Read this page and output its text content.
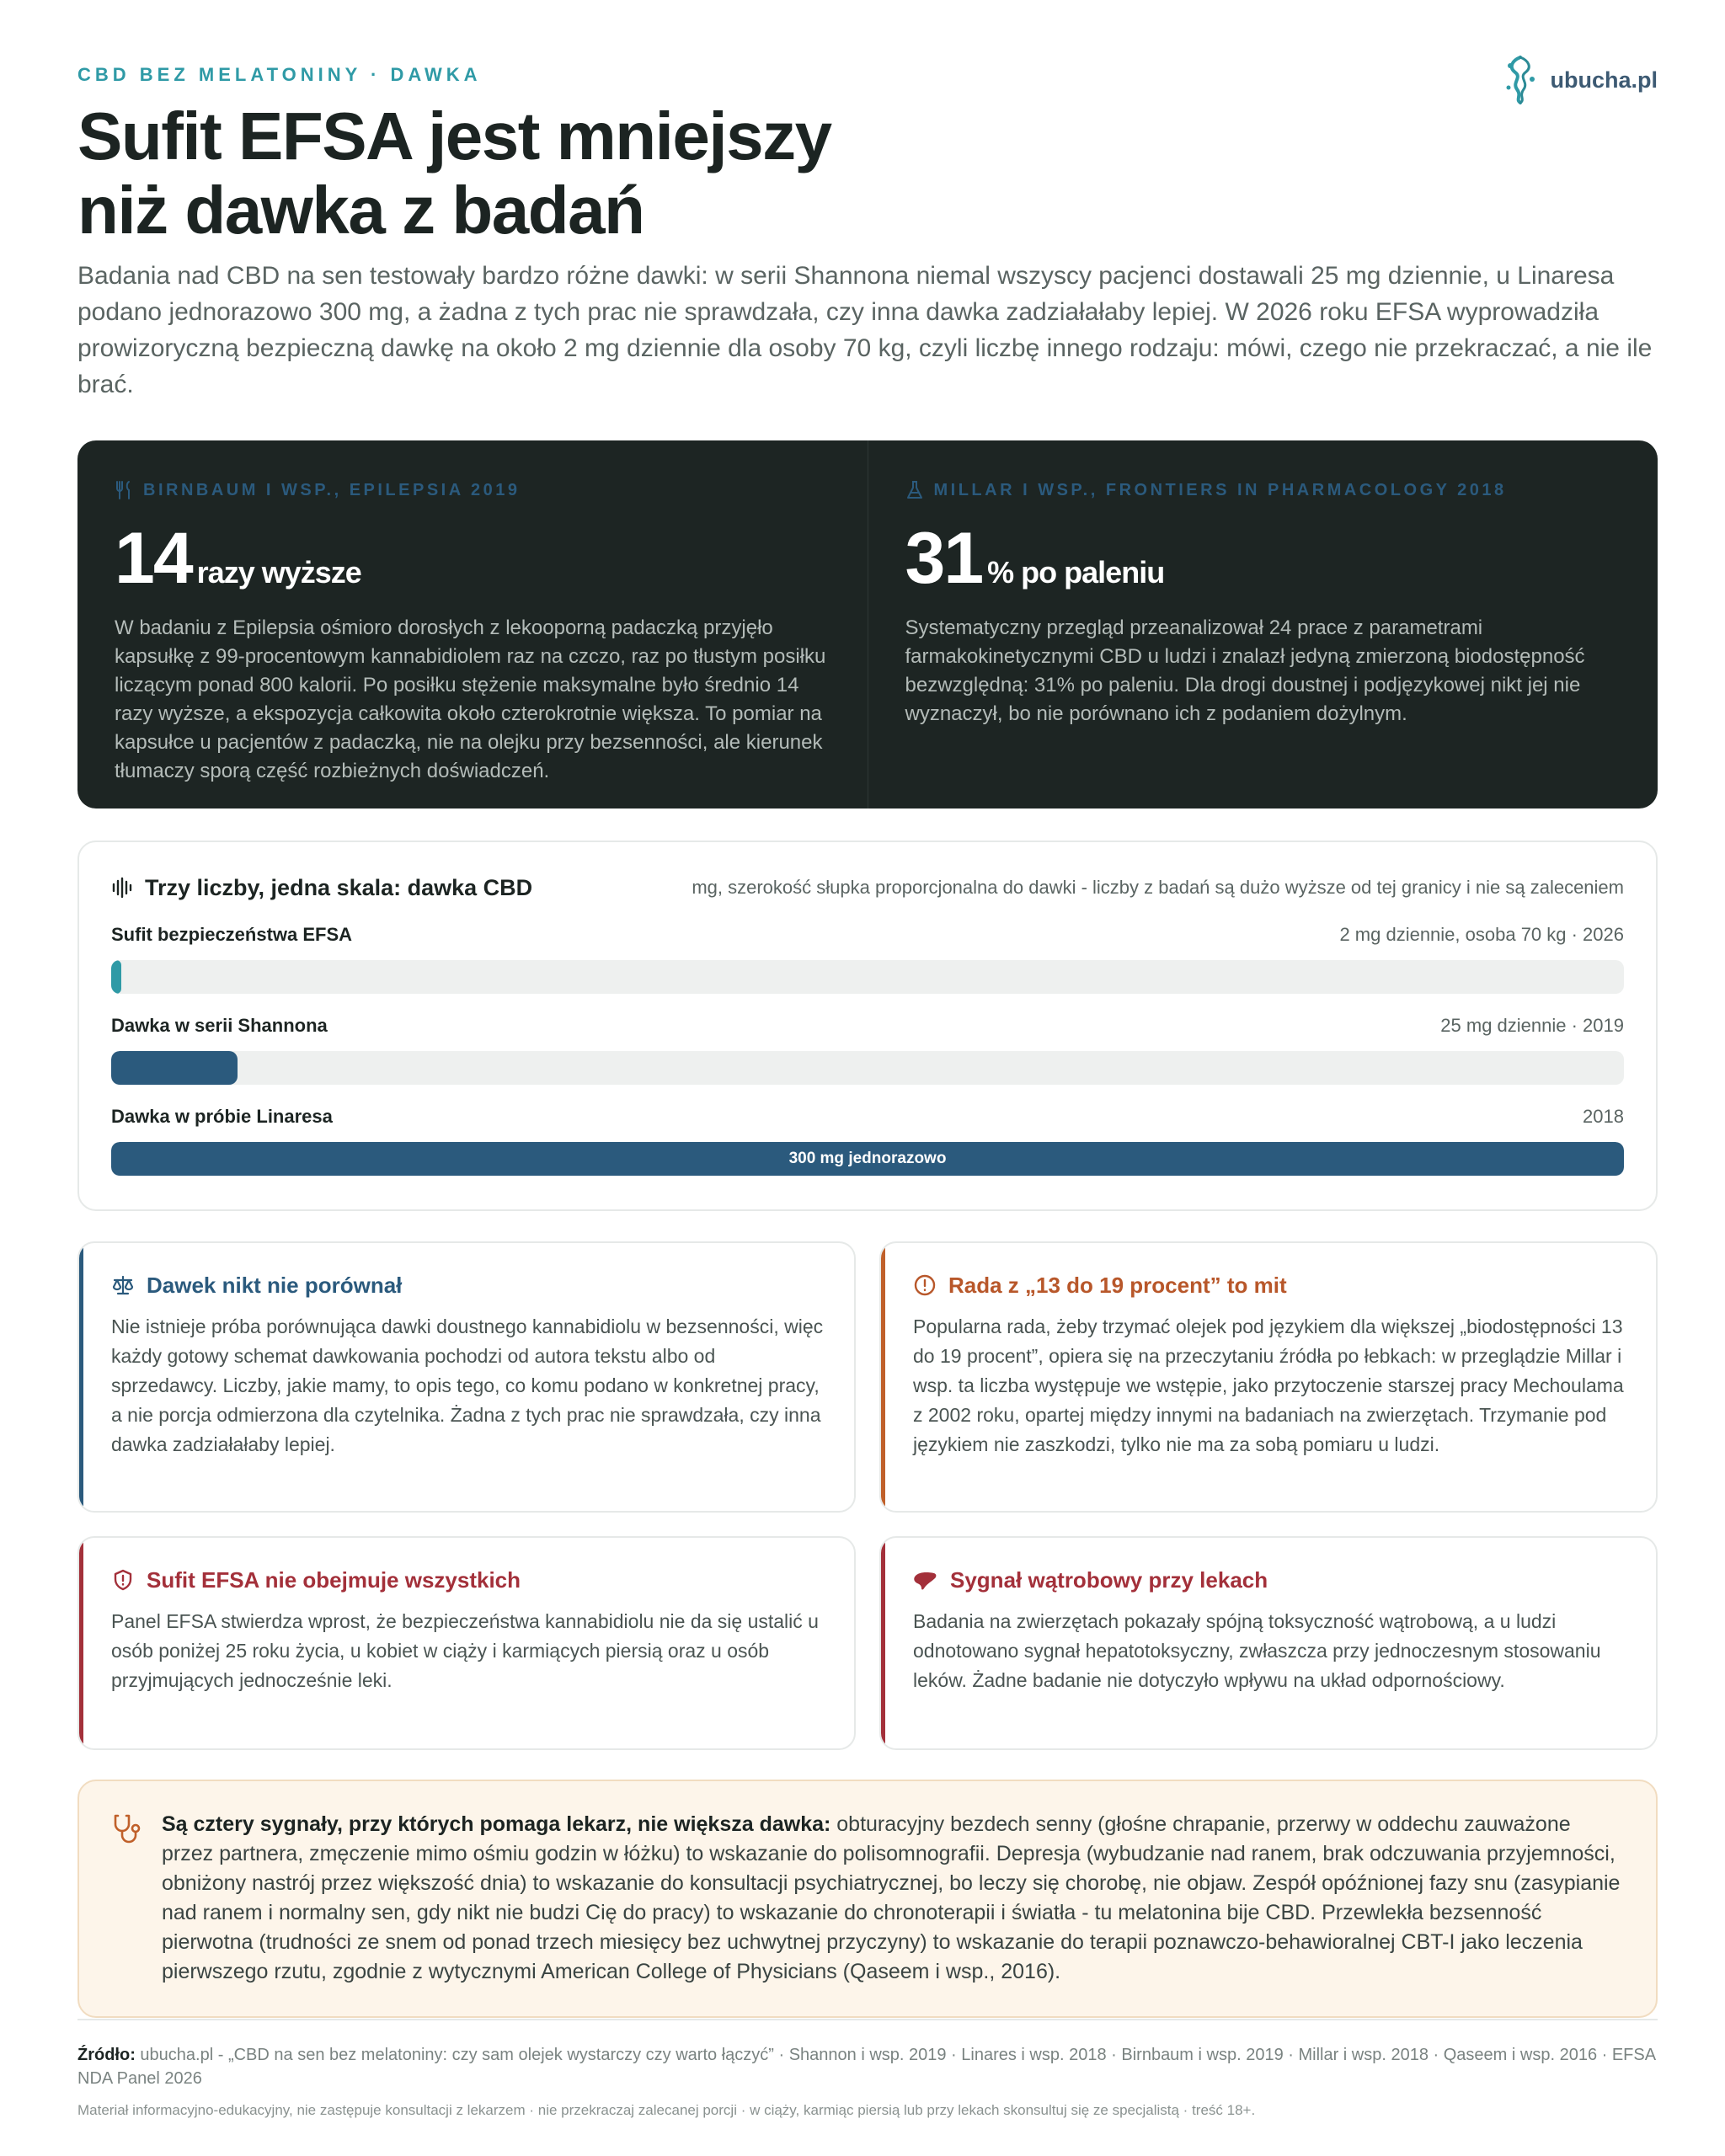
CBD BEZ MELATONINY · DAWKA	ubucha.pl
Sufit EFSA jest mniejszy
niż dawka z badań

Badania nad CBD na sen testowały bardzo różne dawki: w serii Shannona niemal wszyscy pacjenci dostawali 25 mg dziennie, u Linaresa podano jednorazowo 300 mg, a żadna z tych prac nie sprawdzała, czy inna dawka zadziałałaby lepiej. W 2026 roku EFSA wyprowadziła prowizoryczną bezpieczną dawkę na około 2 mg dziennie dla osoby 70 kg, czyli liczbę innego rodzaju: mówi, czego nie przekraczać, a nie ile brać.

BIRNBAUM I WSP., EPILEPSIA 2019
14 razy wyższe

W badaniu z Epilepsia ośmioro dorosłych z lekooporną padaczką przyjęło kapsułkę z 99-procentowym kannabidiolem raz na czczo, raz po tłustym posiłku liczącym ponad 800 kalorii. Po posiłku stężenie maksymalne było średnio 14 razy wyższe, a ekspozycja całkowita około czterokrotnie większa. To pomiar na kapsułce u pacjentów z padaczką, nie na olejku przy bezsenności, ale kierunek tłumaczy sporą część rozbieżnych doświadczeń.

MILLAR I WSP., FRONTIERS IN PHARMACOLOGY 2018
31 % po paleniu

Systematyczny przegląd przeanalizował 24 prace z parametrami farmakokinetycznymi CBD u ludzi i znalazł jedyną zmierzoną biodostępność bezwzględną: 31% po paleniu. Dla drogi doustnej i podjęzykowej nikt jej nie wyznaczył, bo nie porównano ich z podaniem dożylnym.

Trzy liczby, jedna skala: dawka CBD	mg, szerokość słupka proporcjonalna do dawki - liczby z badań są dużo wyższe od tej granicy i nie są zaleceniem
Sufit bezpieczeństwa EFSA	2 mg dziennie, osoba 70 kg · 2026
Dawka w serii Shannona	25 mg dziennie · 2019
Dawka w próbie Linaresa	2018
300 mg jednorazowo
Dawek nikt nie porównał

Nie istnieje próba porównująca dawki doustnego kannabidiolu w bezsenności, więc każdy gotowy schemat dawkowania pochodzi od autora tekstu albo od sprzedawcy. Liczby, jakie mamy, to opis tego, co komu podano w konkretnej pracy, a nie porcja odmierzona dla czytelnika. Żadna z tych prac nie sprawdzała, czy inna dawka zadziałałaby lepiej.

Rada z „13 do 19 procent” to mit

Popularna rada, żeby trzymać olejek pod językiem dla większej „biodostępności 13 do 19 procent”, opiera się na przeczytaniu źródła po łebkach: w przeglądzie Millar i wsp. ta liczba występuje we wstępie, jako przytoczenie starszej pracy Mechoulama z 2002 roku, opartej między innymi na badaniach na zwierzętach. Trzymanie pod językiem nie zaszkodzi, tylko nie ma za sobą pomiaru u ludzi.

Sufit EFSA nie obejmuje wszystkich

Panel EFSA stwierdza wprost, że bezpieczeństwa kannabidiolu nie da się ustalić u osób poniżej 25 roku życia, u kobiet w ciąży i karmiących piersią oraz u osób przyjmujących jednocześnie leki.

Sygnał wątrobowy przy lekach

Badania na zwierzętach pokazały spójną toksyczność wątrobową, a u ludzi odnotowano sygnał hepatotoksyczny, zwłaszcza przy jednoczesnym stosowaniu leków. Żadne badanie nie dotyczyło wpływu na układ odpornościowy.

Są cztery sygnały, przy których pomaga lekarz, nie większa dawka: obturacyjny bezdech senny (głośne chrapanie, przerwy w oddechu zauważone przez partnera, zmęczenie mimo ośmiu godzin w łóżku) to wskazanie do polisomnografii. Depresja (wybudzanie nad ranem, brak odczuwania przyjemności, obniżony nastrój przez większość dnia) to wskazanie do konsultacji psychiatrycznej, bo leczy się chorobę, nie objaw. Zespół opóźnionej fazy snu (zasypianie nad ranem i normalny sen, gdy nikt nie budzi Cię do pracy) to wskazanie do chronoterapii i światła - tu melatonina bije CBD. Przewlekła bezsenność pierwotna (trudności ze snem od ponad trzech miesięcy bez uchwytnej przyczyny) to wskazanie do terapii poznawczo-behawioralnej CBT-I jako leczenia pierwszego rzutu, zgodnie z wytycznymi American College of Physicians (Qaseem i wsp., 2016).

Źródło: ubucha.pl - „CBD na sen bez melatoniny: czy sam olejek wystarczy czy warto łączyć” · Shannon i wsp. 2019 · Linares i wsp. 2018 · Birnbaum i wsp. 2019 · Millar i wsp. 2018 · Qaseem i wsp. 2016 · EFSA NDA Panel 2026

Materiał informacyjno-edukacyjny, nie zastępuje konsultacji z lekarzem · nie przekraczaj zalecanej porcji · w ciąży, karmiąc piersią lub przy lekach skonsultuj się ze specjalistą · treść 18+.
